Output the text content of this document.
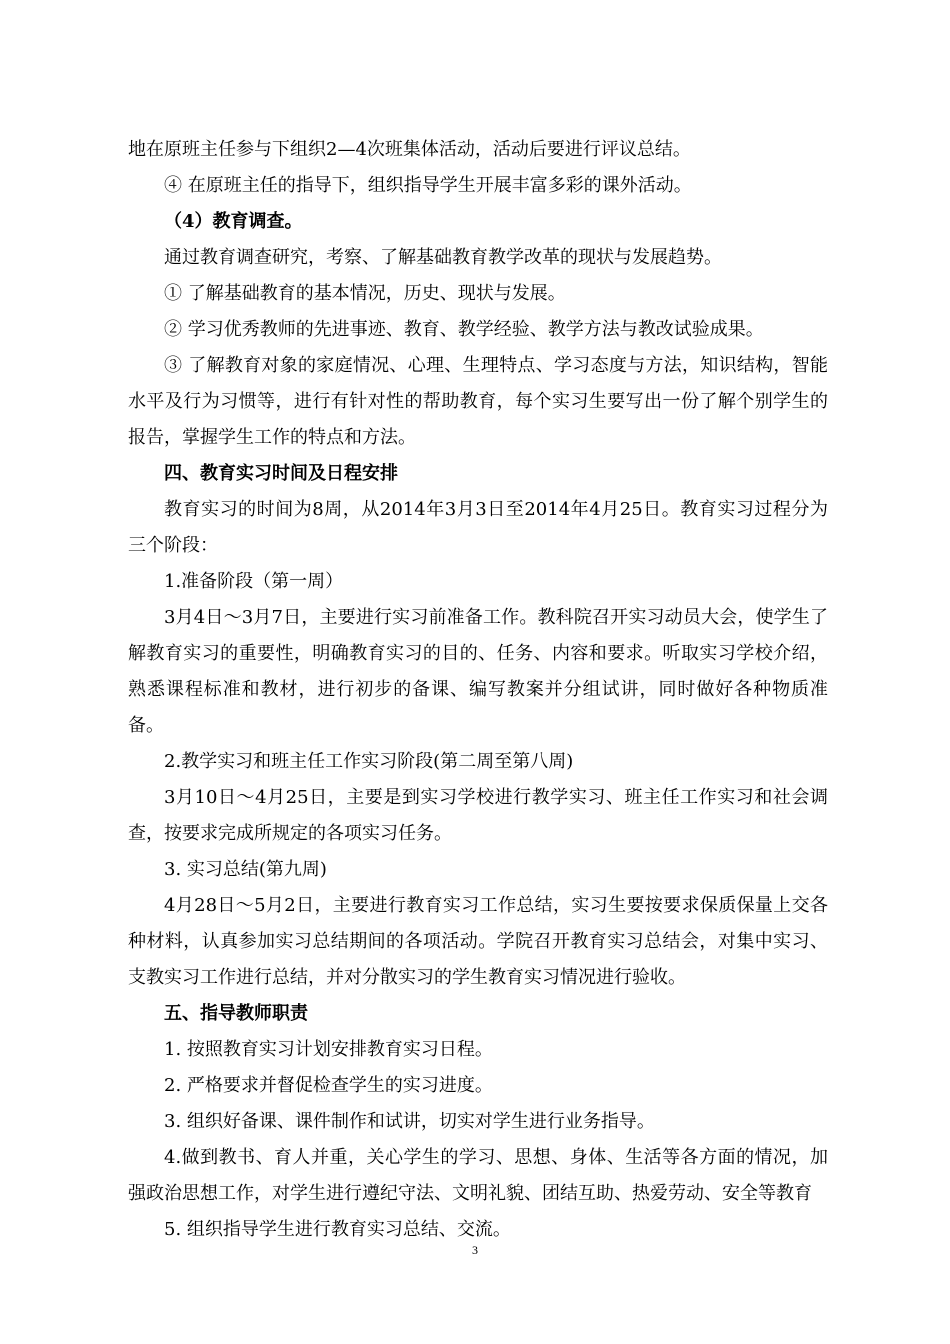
地在原班主任参与下组织2—4次班集体活动，活动后要进行评议总结。

④ 在原班主任的指导下，组织指导学生开展丰富多彩的课外活动。

（4）教育调查。

通过教育调查研究，考察、了解基础教育教学改革的现状与发展趋势。

① 了解基础教育的基本情况，历史、现状与发展。

② 学习优秀教师的先进事迹、教育、教学经验、教学方法与教改试验成果。

③ 了解教育对象的家庭情况、心理、生理特点、学习态度与方法，知识结构，智能水平及行为习惯等，进行有针对性的帮助教育，每个实习生要写出一份了解个别学生的报告，掌握学生工作的特点和方法。

四、教育实习时间及日程安排

教育实习的时间为8周，从2014年3月3日至2014年4月25日。教育实习过程分为三个阶段：

1.准备阶段（第一周）

3月4日～3月7日，主要进行实习前准备工作。教科院召开实习动员大会，使学生了解教育实习的重要性，明确教育实习的目的、任务、内容和要求。听取实习学校介绍，熟悉课程标准和教材，进行初步的备课、编写教案并分组试讲，同时做好各种物质准备。

2.教学实习和班主任工作实习阶段(第二周至第八周)

3月10日～4月25日，主要是到实习学校进行教学实习、班主任工作实习和社会调查，按要求完成所规定的各项实习任务。

3. 实习总结(第九周)

4月28日～5月2日，主要进行教育实习工作总结，实习生要按要求保质保量上交各种材料，认真参加实习总结期间的各项活动。学院召开教育实习总结会，对集中实习、支教实习工作进行总结，并对分散实习的学生教育实习情况进行验收。

五、指导教师职责

1. 按照教育实习计划安排教育实习日程。

2. 严格要求并督促检查学生的实习进度。

3. 组织好备课、课件制作和试讲，切实对学生进行业务指导。

4.做到教书、育人并重，关心学生的学习、思想、身体、生活等各方面的情况，加强政治思想工作，对学生进行遵纪守法、文明礼貌、团结互助、热爱劳动、安全等教育

5. 组织指导学生进行教育实习总结、交流。

3
